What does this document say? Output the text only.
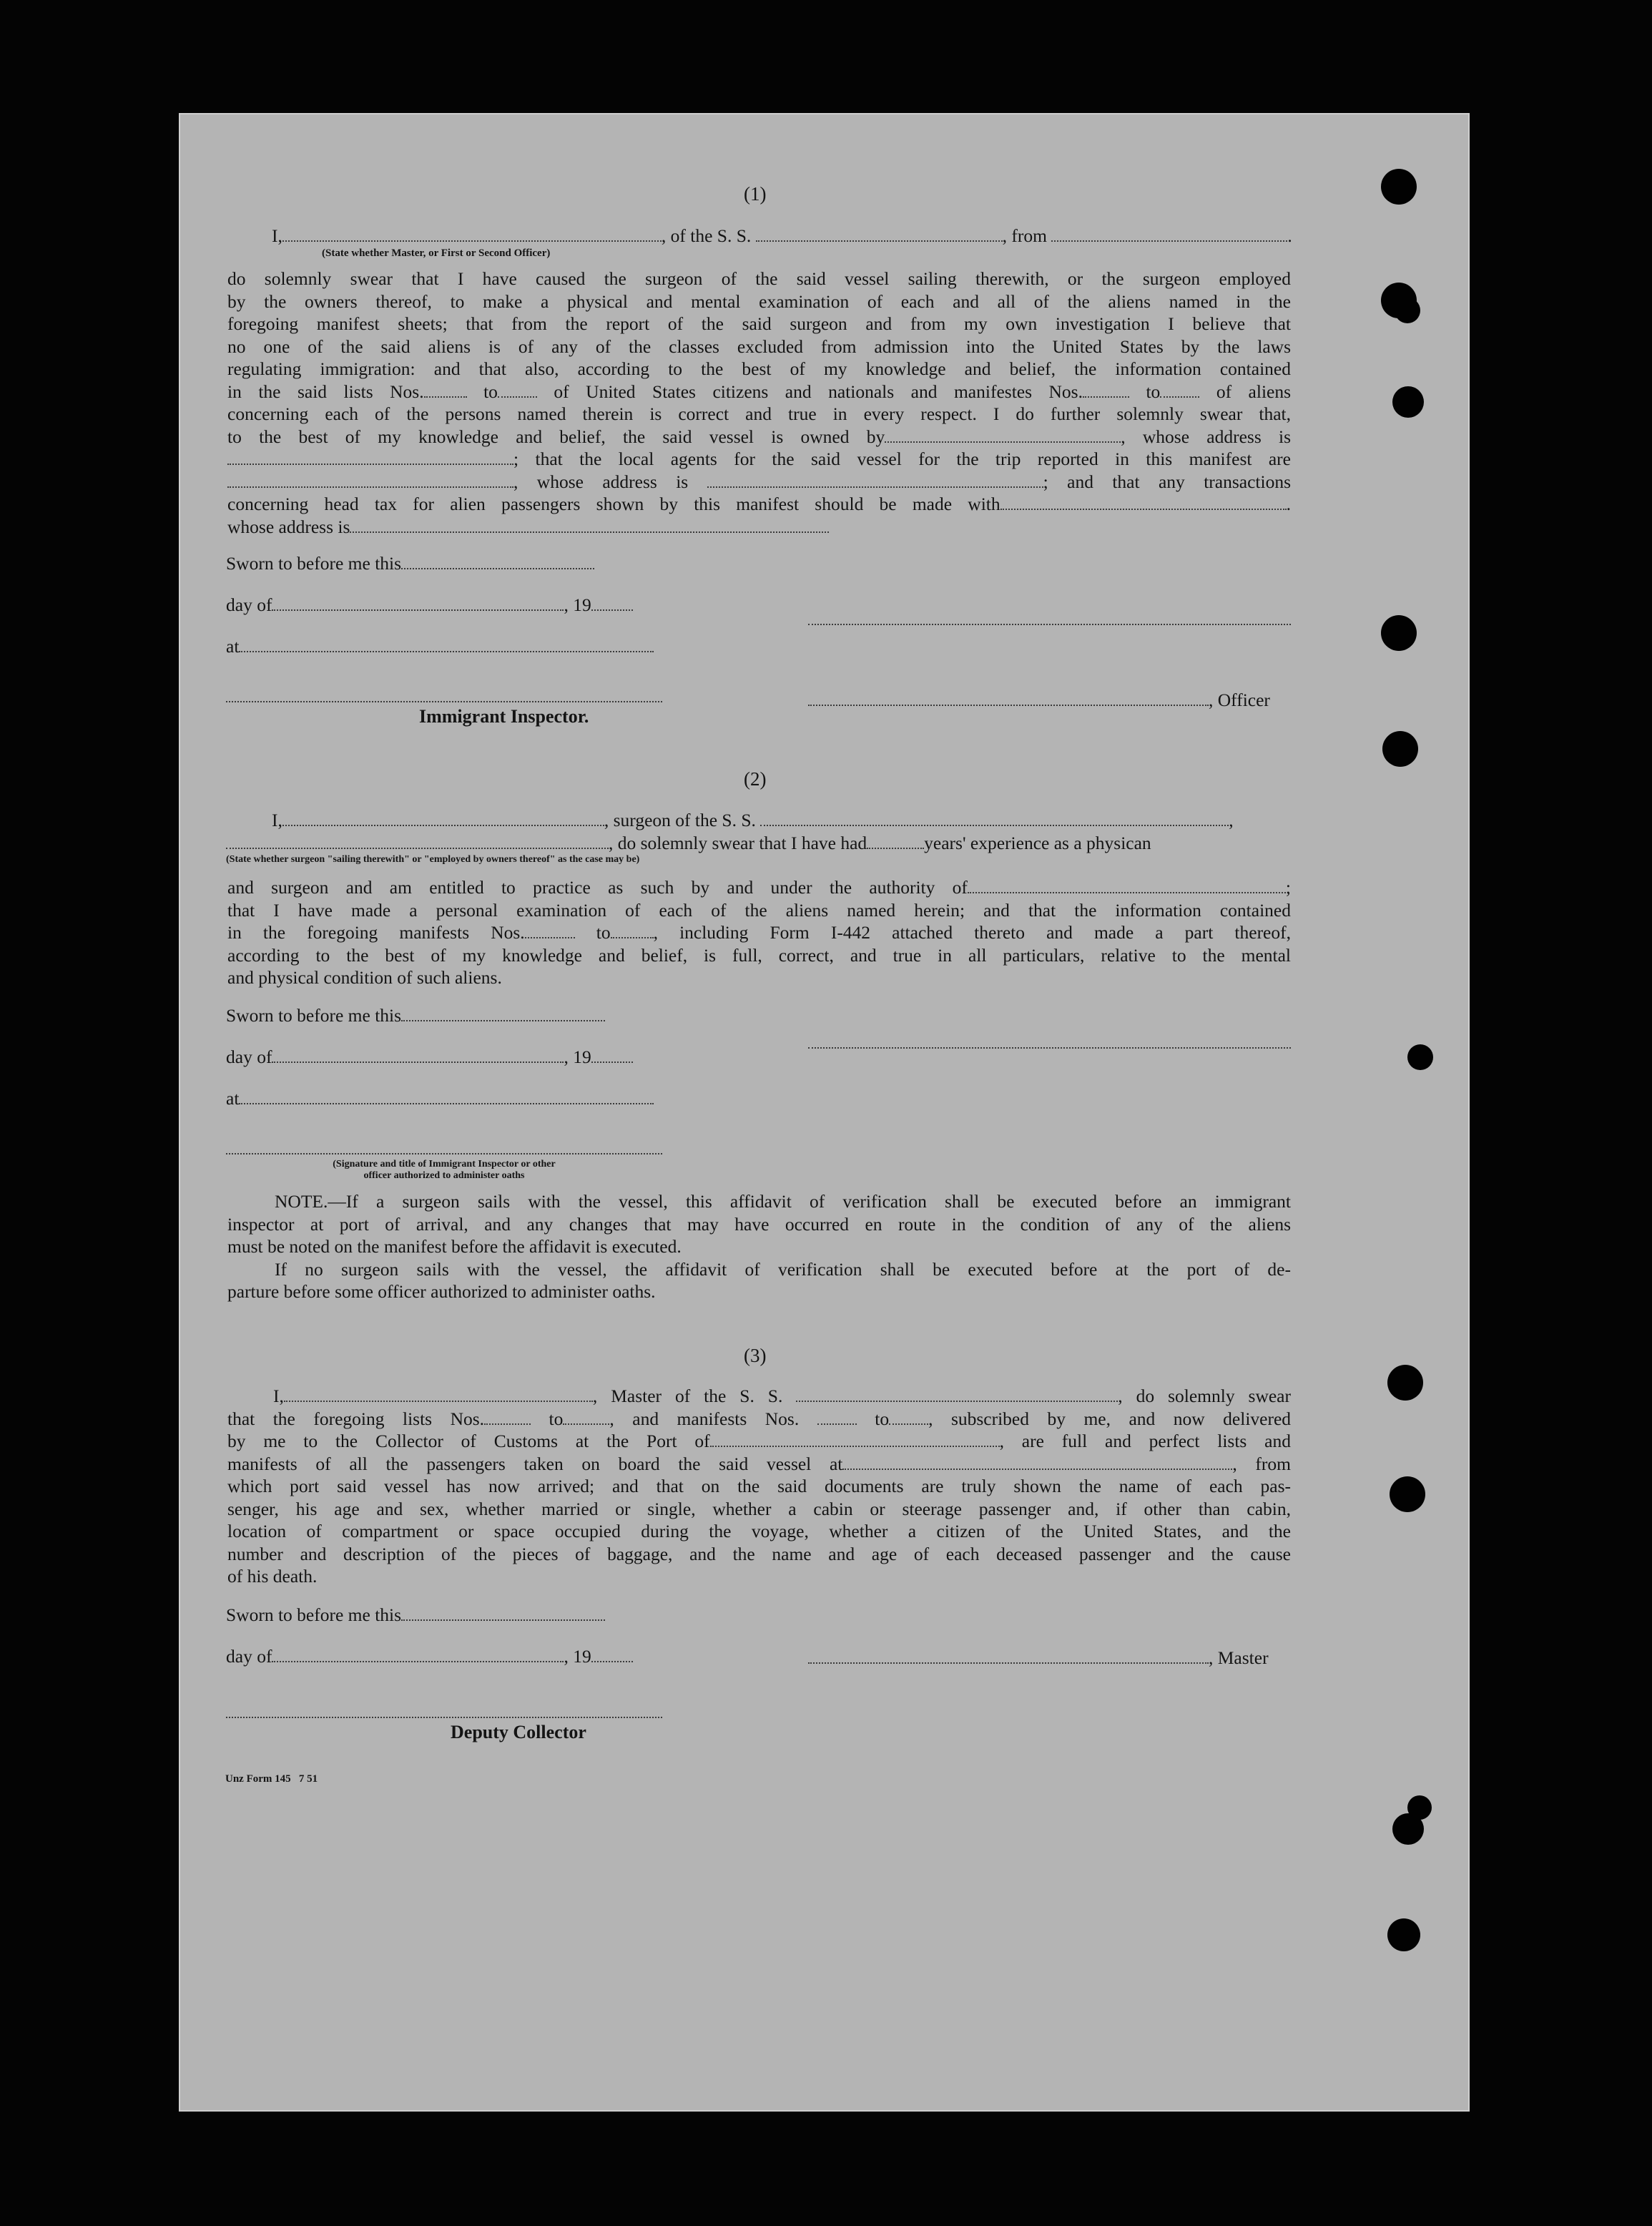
(1)
I,	, of the S. S.	, from	.
(State whether Master, or First or Second Officer)
do solemnly swear that I have caused the surgeon of the said vessel sailing therewith, or the surgeon employed
by the owners thereof, to make a physical and mental examination of each and all of the aliens named in the
foregoing manifest sheets; that from the report of the said surgeon and from my own investigation I believe that
no one of the said aliens is of any of the classes excluded from admission into the United States by the laws
regulating immigration: and that also, according to the best of my knowledge and belief, the information contained
in the said lists Nos.	to	of United States citizens and nationals and manifestes Nos.	to	of aliens
concerning each of the persons named therein is correct and true in every respect. I do further solemnly swear that,
to the best of my knowledge and belief, the said vessel is owned by	, whose address is
; that the local agents for the said vessel for the trip reported in this manifest are
, whose address is	; and that any transactions
concerning head tax for alien passengers shown by this manifest should be made with	.
whose address is
Sworn to before me this
day of	, 19
at
, Officer
Immigrant Inspector.
(2)
I,	, surgeon of the S. S.	,
, do solemnly swear that I have had	years' experience as a physican
(State whether surgeon "sailing therewith" or "employed by owners thereof" as the case may be)
and surgeon and am entitled to practice as such by and under the authority of	;
that I have made a personal examination of each of the aliens named herein; and that the information contained
in the foregoing manifests Nos.	to , including Form I-442 attached thereto and made a part thereof,
according to the best of my knowledge and belief, is full, correct, and true in all particulars, relative to the mental
and physical condition of such aliens.
Sworn to before me this
day of	, 19
at
(Signature and title of Immigrant Inspector or other
officer authorized to administer oaths
NOTE.—If a surgeon sails with the vessel, this affidavit of verification shall be executed before an immigrant
inspector at port of arrival, and any changes that may have occurred en route in the condition of any of the aliens
must be noted on the manifest before the affidavit is executed.
If no surgeon sails with the vessel, the affidavit of verification shall be executed before at the port of de-
parture before some officer authorized to administer oaths.
(3)
I,	, Master of the S. S.	, do solemnly swear
that the foregoing lists Nos.	to	, and manifests Nos.	to , subscribed by me, and now delivered
by me to the Collector of Customs at the Port of	, are full and perfect lists and
manifests of all the passengers taken on board the said vessel at	, from
which port said vessel has now arrived; and that on the said documents are truly shown the name of each pas-
senger, his age and sex, whether married or single, whether a cabin or steerage passenger and, if other than cabin,
location of compartment or space occupied during the voyage, whether a citizen of the United States, and the
number and description of the pieces of baggage, and the name and age of each deceased passenger and the cause
of his death.
Sworn to before me this
day of	, 19	, Master
Deputy Collector
Unz Form 145   7 51
